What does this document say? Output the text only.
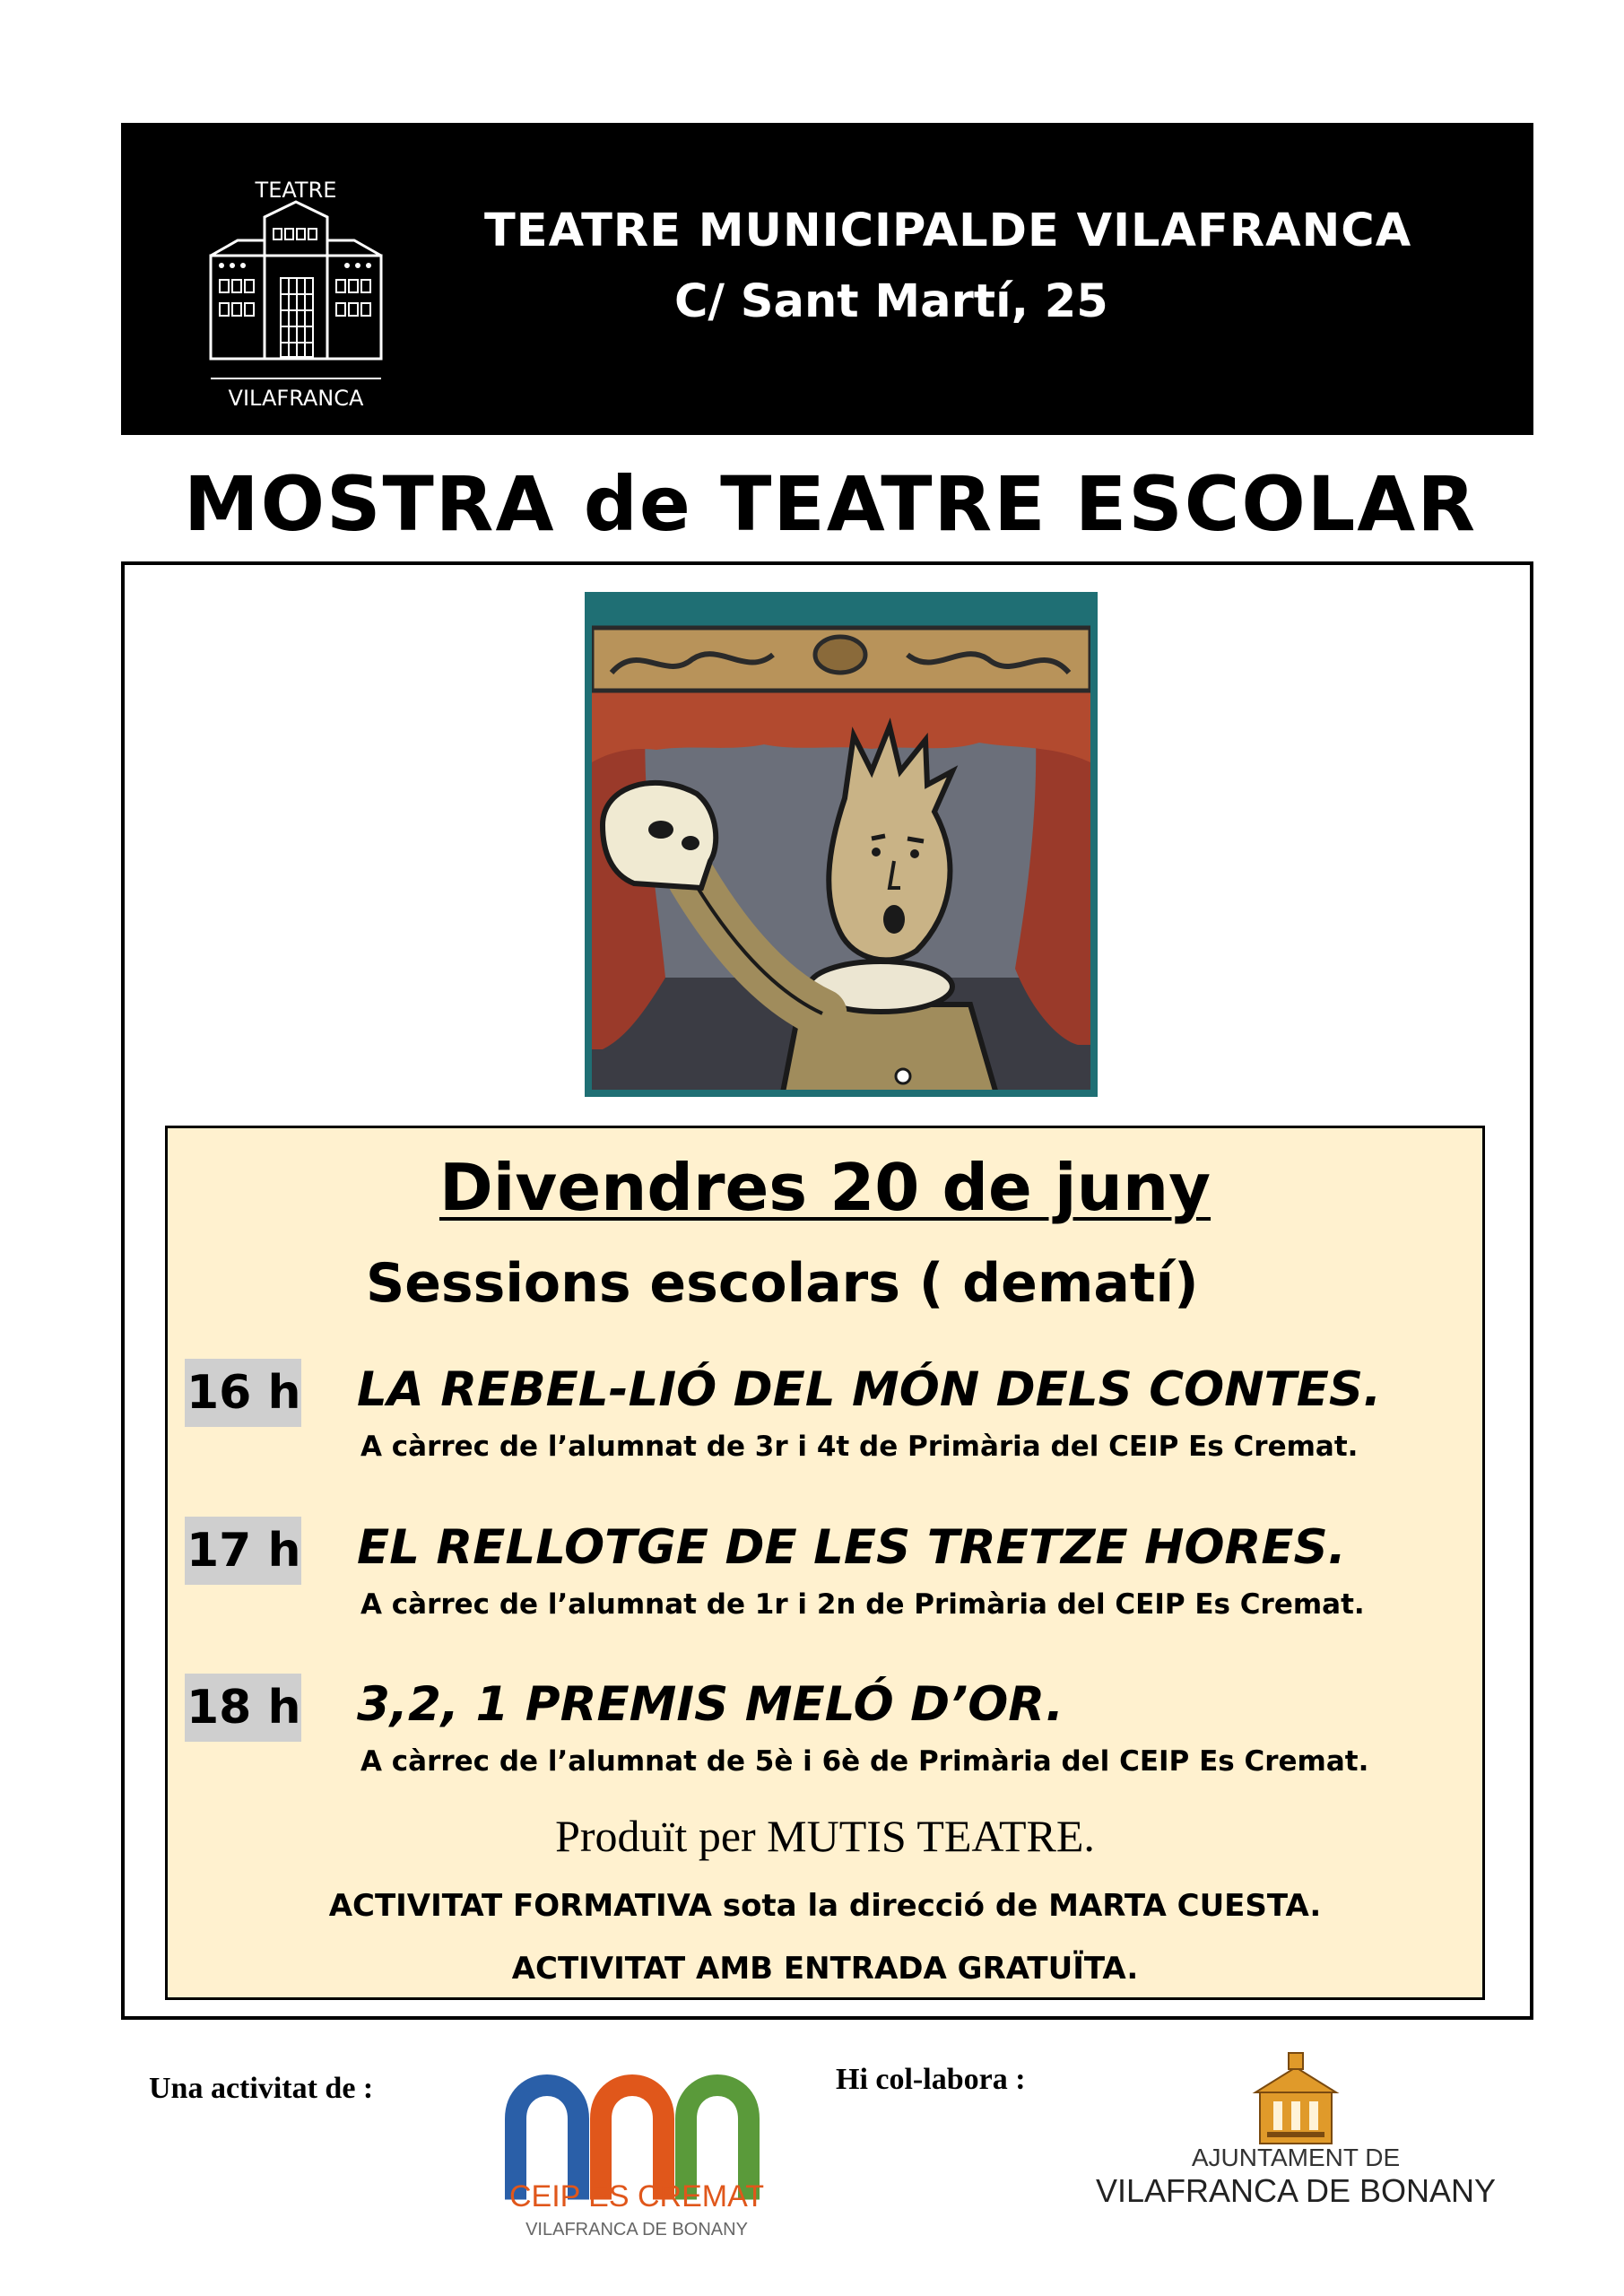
TEATRE
VILAFRANCA
TEATRE MUNICIPALDE VILAFRANCA
C/ Sant Martí, 25
MOSTRA de TEATRE ESCOLAR
Divendres 20 de juny
Sessions escolars ( dematí)
16 h LA REBEL-LIÓ DEL MÓN DELS CONTES.
A càrrec de l’alumnat de 3r i 4t de Primària del CEIP Es Cremat.
17 h EL RELLOTGE DE LES TRETZE HORES.
A càrrec de l’alumnat de 1r i 2n de Primària del CEIP Es Cremat.
18 h 3,2, 1 PREMIS MELÓ D’OR.
A càrrec de l’alumnat de 5è i 6è de Primària del CEIP Es Cremat.
Produït per MUTIS TEATRE.
ACTIVITAT FORMATIVA sota la direcció de MARTA CUESTA.
ACTIVITAT AMB ENTRADA GRATUÏTA.
Una activitat de :
CEIP ES CREMAT
VILAFRANCA DE BONANY
Hi col-labora :
AJUNTAMENT DE
VILAFRANCA DE BONANY
